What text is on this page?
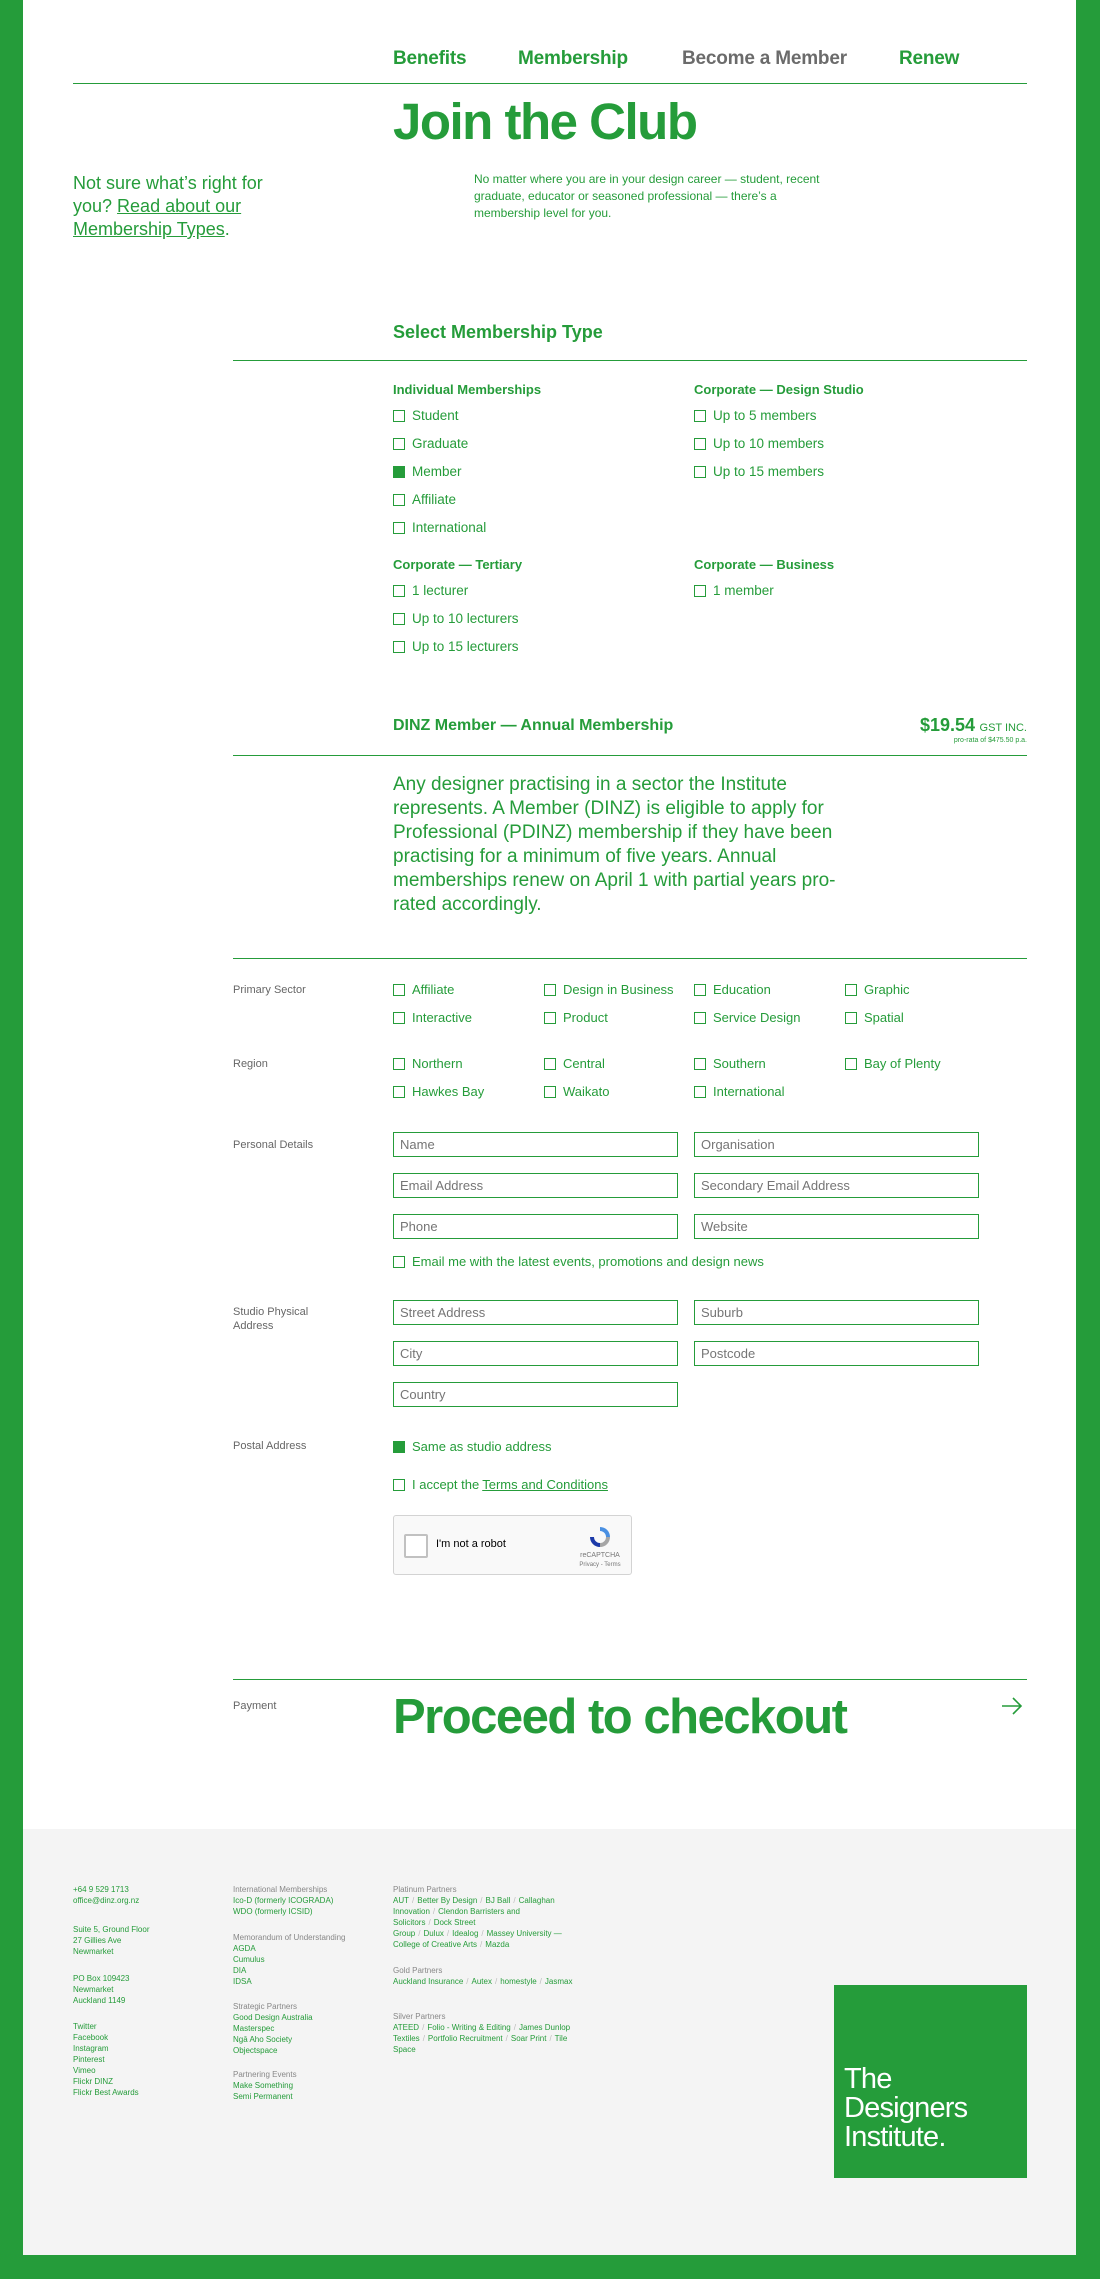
Benefits	Membership	Become a Member	Renew
Join the Club
Not sure what’s right for you? Read about our Membership Types.
No matter where you are in your design career — student, recent graduate, educator or seasoned professional — there’s a membership level for you.
Select Membership Type
Individual Memberships
Student
Graduate
Member
Affiliate
International
Corporate — Design Studio
Up to 5 members
Up to 10 members
Up to 15 members
Corporate — Tertiary
1 lecturer
Up to 10 lecturers
Up to 15 lecturers
Corporate — Business
1 member
DINZ Member — Annual Membership	$19.54 GST INC.
pro-rata of $475.50 p.a.
Any designer practising in a sector the Institute represents. A Member (DINZ) is eligible to apply for Professional (PDINZ) membership if they have been practising for a minimum of five years. Annual memberships renew on April 1 with partial years pro-rated accordingly.
Primary Sector	Affiliate	Design in Business	Education	Graphic
Interactive	Product	Service Design	Spatial
Region	Northern	Central	Southern	Bay of Plenty
Hawkes Bay	Waikato	International
Personal Details
Name
Organisation
Email Address
Secondary Email Address
Phone
Website
Email me with the latest events, promotions and design news
Studio Physical Address
Street Address
Suburb
City
Postcode
Country
Postal Address	Same as studio address
I accept the Terms and Conditions
I'm not a robot
reCAPTCHA
Privacy - Terms
Payment Proceed to checkout
+64 9 529 1713
office@dinz.org.nz
Suite 5, Ground Floor
27 Gillies Ave
Newmarket
PO Box 109423
Newmarket
Auckland 1149
Twitter
Facebook
Instagram
Pinterest
Vimeo
Flickr DINZ
Flickr Best Awards
International Memberships
Ico-D (formerly ICOGRADA)
WDO (formerly ICSID)
Memorandum of Understanding
AGDA
Cumulus
DIA
IDSA
Strategic Partners
Good Design Australia
Masterspec
Ngā Aho Society
Objectspace
Partnering Events
Make Something
Semi Permanent
Platinum Partners
AUT / Better By Design / BJ Ball / Callaghan Innovation / Clendon Barristers and Solicitors / Dock Street Group / Dulux / Idealog / Massey University — College of Creative Arts / Mazda
Gold Partners
Auckland Insurance / Autex / homestyle / Jasmax
Silver Partners
ATEED / Folio - Writing & Editing / James Dunlop Textiles / Portfolio Recruitment / Soar Print / Tile Space
The
Designers
Institute.
